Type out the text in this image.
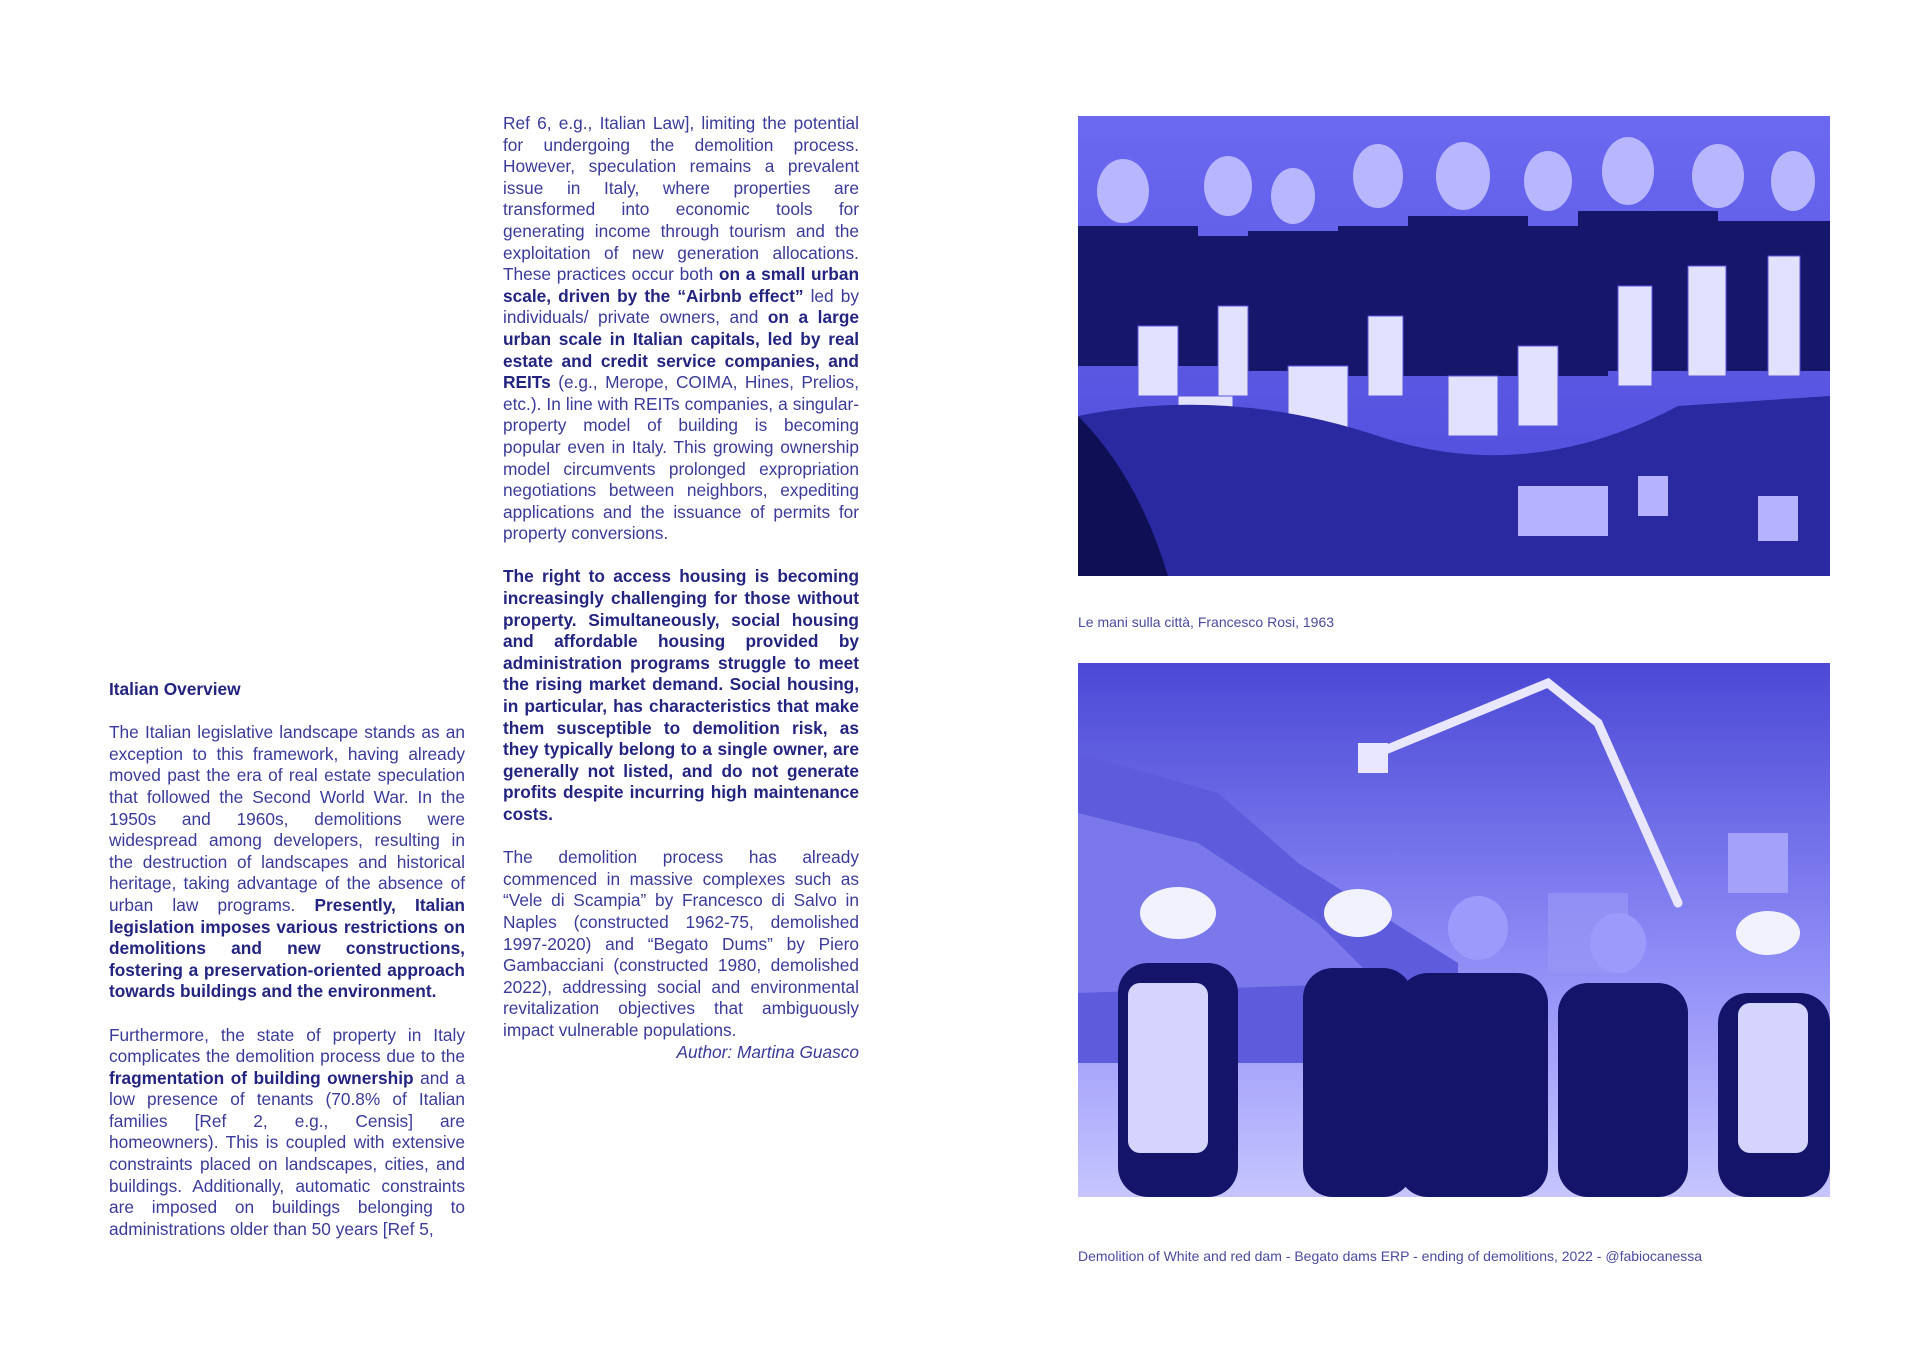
Italian Overview

The Italian legislative landscape stands as an exception to this framework, having already moved past the era of real estate speculation that followed the Second World War. In the 1950s and 1960s, demolitions were widespread among developers, resulting in the destruction of landscapes and historical heritage, taking advantage of the absence of urban law programs. Presently, Italian legislation imposes various restrictions on demolitions and new constructions, fostering a preservation-oriented approach towards buildings and the environment.

Furthermore, the state of property in Italy complicates the demolition process due to the fragmentation of building ownership and a low presence of tenants (70.8% of Italian families [Ref 2, e.g., Censis] are homeowners). This is coupled with extensive constraints placed on landscapes, cities, and buildings. Additionally, automatic constraints are imposed on buildings belonging to administrations older than 50 years [Ref 5,

Ref 6, e.g., Italian Law], limiting the potential for undergoing the demolition process. However, speculation remains a prevalent issue in Italy, where properties are transformed into economic tools for generating income through tourism and the exploitation of new generation allocations. These practices occur both on a small urban scale, driven by the “Airbnb effect” led by individuals/ private owners, and on a large urban scale in Italian capitals, led by real estate and credit service companies, and REITs (e.g., Merope, COIMA, Hines, Prelios, etc.). In line with REITs companies, a singular-property model of building is becoming popular even in Italy. This growing ownership model circumvents prolonged expropriation negotiations between neighbors, expediting applications and the issuance of permits for property conversions.

The right to access housing is becoming increasingly challenging for those without property. Simultaneously, social housing and affordable housing provided by administration programs struggle to meet the rising market demand. Social housing, in particular, has characteristics that make them susceptible to demolition risk, as they typically belong to a single owner, are generally not listed, and do not generate profits despite incurring high maintenance costs.

The demolition process has already commenced in massive complexes such as “Vele di Scampia” by Francesco di Salvo in Naples (constructed 1962-75, demolished 1997-2020) and “Begato Dums” by Piero Gambacciani (constructed 1980, demolished 2022), addressing social and environmental revitalization objectives that ambiguously impact vulnerable populations.

Author: Martina Guasco

Le mani sulla città, Francesco Rosi, 1963
Demolition of White and red dam - Begato dams ERP - ending of demolitions, 2022 - @fabiocanessa
